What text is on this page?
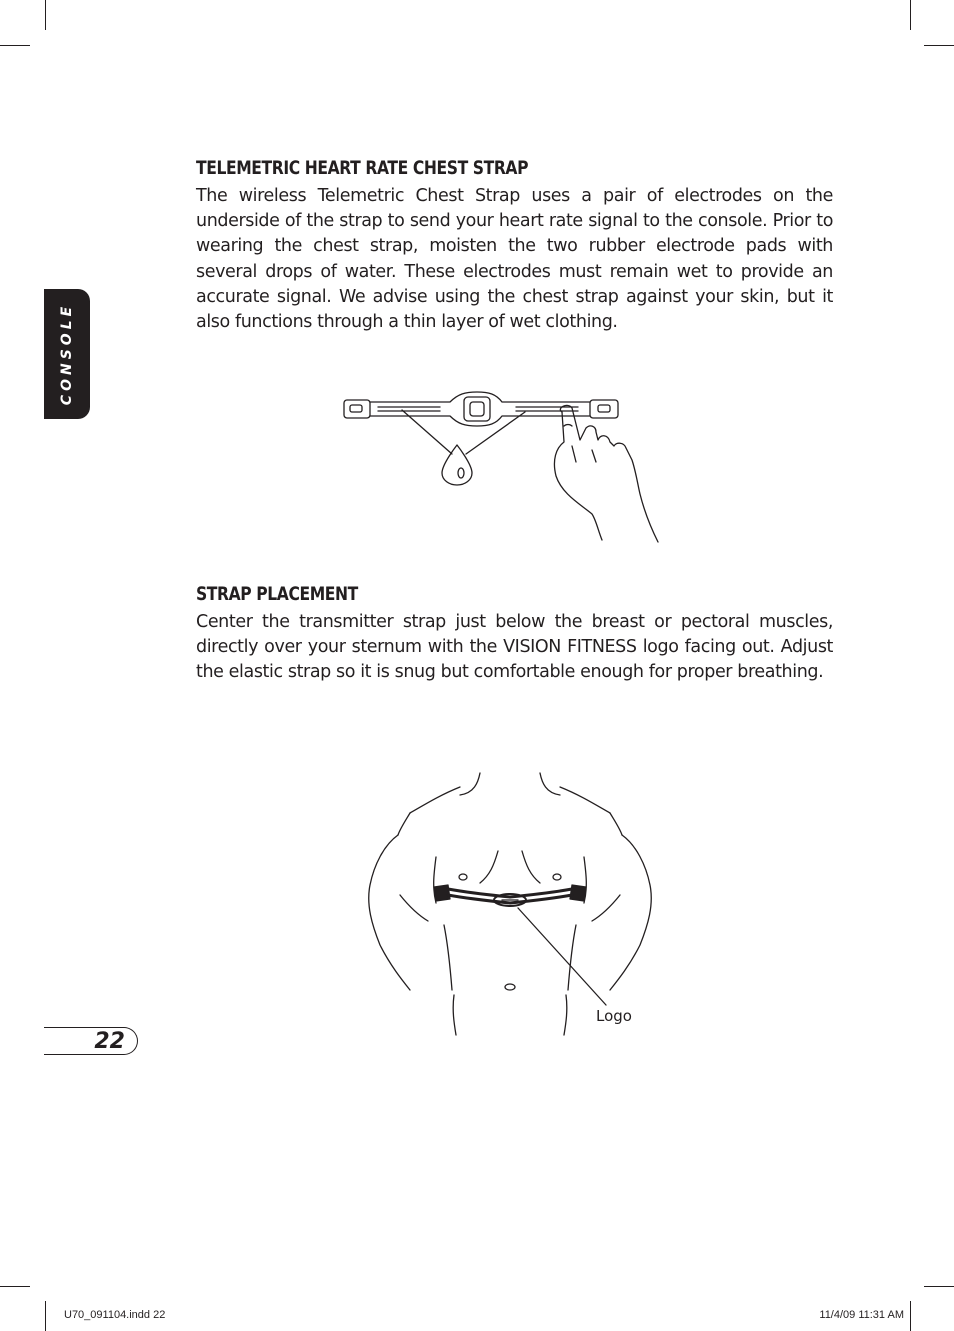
CONSOLE
TELEMETRIC HEART RATE CHEST STRAP

The wireless Telemetric Chest Strap uses a pair of electrodes on the underside of the strap to send your heart rate signal to the console. Prior to wearing the chest strap, moisten the two rubber electrode pads with several drops of water. These electrodes must remain wet to provide an accurate signal. We advise using the chest strap against your skin, but it also functions through a thin layer of wet clothing.

STRAP PLACEMENT

Center the transmitter strap just below the breast or pectoral muscles, directly over your sternum with the VISION FITNESS logo facing out. Adjust the elastic strap so it is snug but comfortable enough for proper breathing.

Logo
22
U70_091104.indd 22	11/4/09 11:31 AM
